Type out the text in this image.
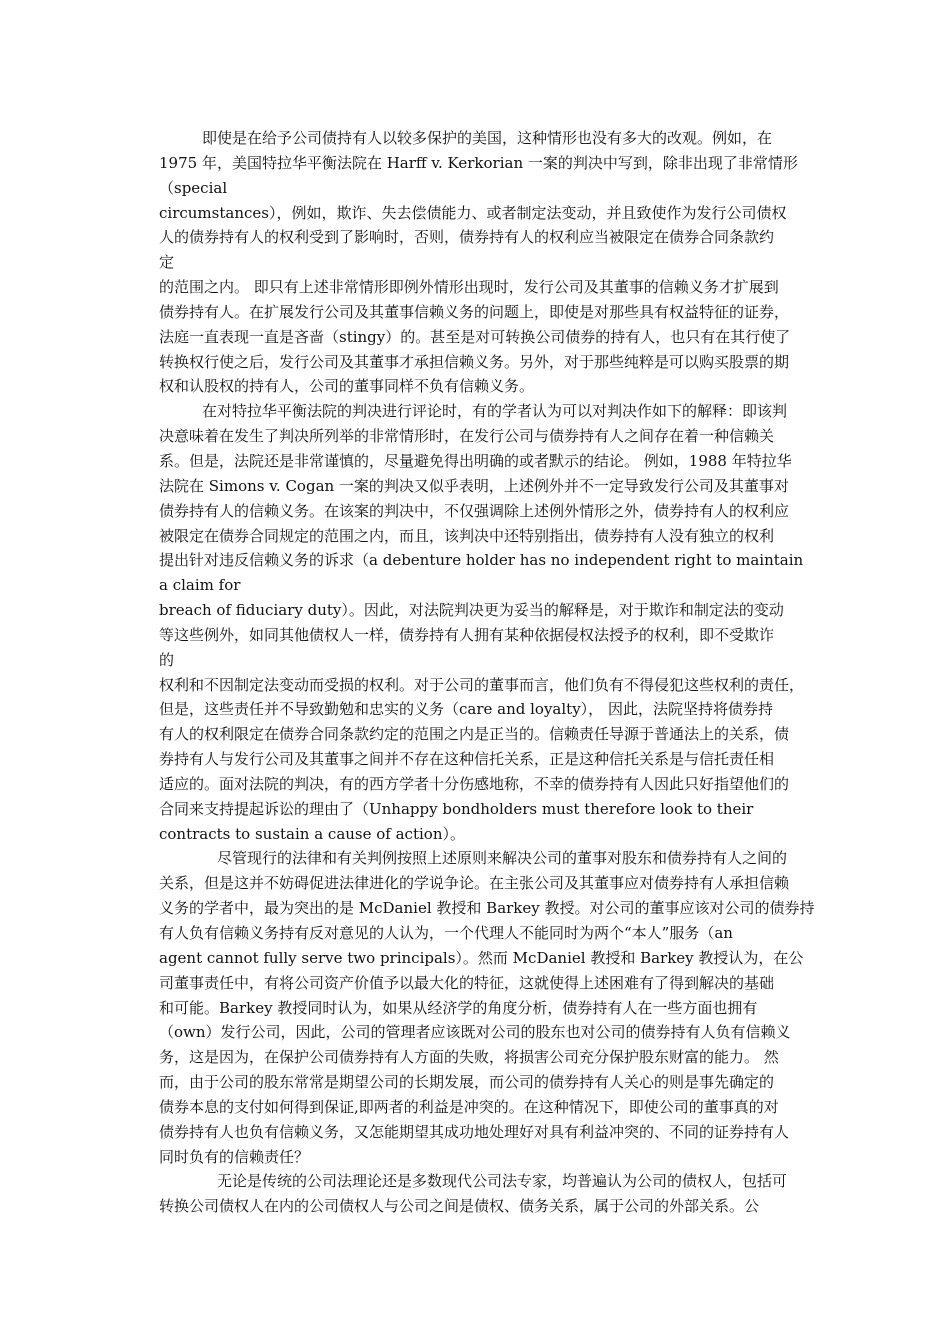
即使是在给予公司债持有人以较多保护的美国，这种情形也没有多大的改观。例如，在
1975 年，美国特拉华平衡法院在 Harff v. Kerkorian 一案的判决中写到，除非出现了非常情形
（special
circumstances），例如，欺诈、失去偿债能力、或者制定法变动，并且致使作为发行公司债权
人的债券持有人的权利受到了影响时，否则，债券持有人的权利应当被限定在债券合同条款约
定
的范围之内。 即只有上述非常情形即例外情形出现时，发行公司及其董事的信赖义务才扩展到
债券持有人。在扩展发行公司及其董事信赖义务的问题上，即使是对那些具有权益特征的证券，
法庭一直表现一直是吝啬（stingy）的。甚至是对可转换公司债券的持有人，也只有在其行使了
转换权行使之后，发行公司及其董事才承担信赖义务。另外，对于那些纯粹是可以购买股票的期
权和认股权的持有人，公司的董事同样不负有信赖义务。
在对特拉华平衡法院的判决进行评论时，有的学者认为可以对判决作如下的解释：即该判
决意味着在发生了判决所列举的非常情形时，在发行公司与债券持有人之间存在着一种信赖关
系。但是，法院还是非常谨慎的，尽量避免得出明确的或者默示的结论。 例如，1988 年特拉华
法院在 Simons v. Cogan 一案的判决又似乎表明，上述例外并不一定导致发行公司及其董事对
债券持有人的信赖义务。在该案的判决中，不仅强调除上述例外情形之外，债券持有人的权利应
被限定在债券合同规定的范围之内，而且，该判决中还特别指出，债券持有人没有独立的权利
提出针对违反信赖义务的诉求（a debenture holder has no independent right to maintain
a claim for
breach of fiduciary duty）。因此，对法院判决更为妥当的解释是，对于欺诈和制定法的变动
等这些例外，如同其他债权人一样，债券持有人拥有某种依据侵权法授予的权利，即不受欺诈
的
权利和不因制定法变动而受损的权利。对于公司的董事而言，他们负有不得侵犯这些权利的责任，
但是，这些责任并不导致勤勉和忠实的义务（care and loyalty）， 因此，法院坚持将债券持
有人的权利限定在债券合同条款约定的范围之内是正当的。信赖责任导源于普通法上的关系，债
券持有人与发行公司及其董事之间并不存在这种信托关系，正是这种信托关系是与信托责任相
适应的。面对法院的判决，有的西方学者十分伤感地称，不幸的债券持有人因此只好指望他们的
合同来支持提起诉讼的理由了（Unhappy bondholders must therefore look to their
contracts to sustain a cause of action）。
尽管现行的法律和有关判例按照上述原则来解决公司的董事对股东和债券持有人之间的
关系，但是这并不妨碍促进法律进化的学说争论。在主张公司及其董事应对债券持有人承担信赖
义务的学者中，最为突出的是 McDaniel 教授和 Barkey 教授。对公司的董事应该对公司的债券持
有人负有信赖义务持有反对意见的人认为，一个代理人不能同时为两个“本人”服务（an
agent cannot fully serve two principals）。然而 McDaniel 教授和 Barkey 教授认为，在公
司董事责任中，有将公司资产价值予以最大化的特征，这就使得上述困难有了得到解决的基础
和可能。Barkey 教授同时认为，如果从经济学的角度分析，债券持有人在一些方面也拥有
（own）发行公司，因此，公司的管理者应该既对公司的股东也对公司的债券持有人负有信赖义
务，这是因为，在保护公司债券持有人方面的失败，将损害公司充分保护股东财富的能力。 然
而，由于公司的股东常常是期望公司的长期发展，而公司的债券持有人关心的则是事先确定的
债券本息的支付如何得到保证,即两者的利益是冲突的。在这种情况下，即使公司的董事真的对
债券持有人也负有信赖义务，又怎能期望其成功地处理好对具有利益冲突的、不同的证券持有人
同时负有的信赖责任？
无论是传统的公司法理论还是多数现代公司法专家，均普遍认为公司的债权人，包括可
转换公司债权人在内的公司债权人与公司之间是债权、债务关系，属于公司的外部关系。公
